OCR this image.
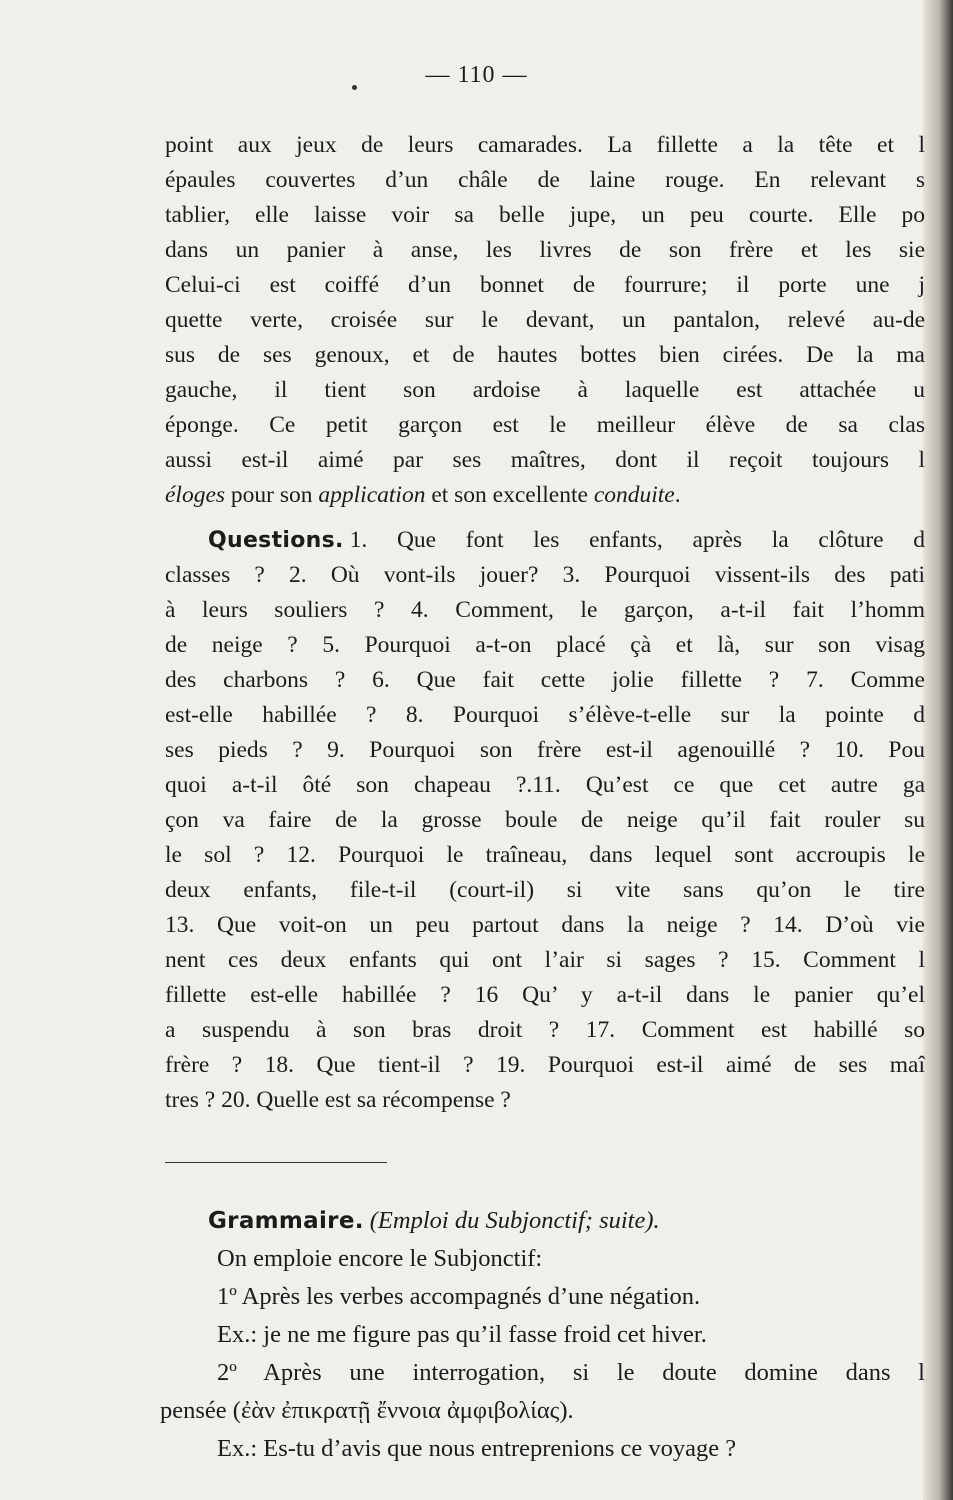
— 110 —
point aux jeux de leurs camarades. La fillette a la tête et l
épaules couvertes d’un châle de laine rouge. En relevant s
tablier, elle laisse voir sa belle jupe, un peu courte. Elle po
dans un panier à anse, les livres de son frère et les sie
Celui-ci est coiffé d’un bonnet de fourrure; il porte une j
quette verte, croisée sur le devant, un pantalon, relevé au-de
sus de ses genoux, et de hautes bottes bien cirées. De la ma
gauche, il tient son ardoise à laquelle est attachée u
éponge. Ce petit garçon est le meilleur élève de sa clas
aussi est-il aimé par ses maîtres, dont il reçoit toujours l
éloges pour son application et son excellente conduite.
Questions. 1. Que font les enfants, après la clôture d
classes ? 2. Où vont-ils jouer? 3. Pourquoi vissent-ils des pati
à leurs souliers ? 4. Comment, le garçon, a-t-il fait l’homm
de neige ? 5. Pourquoi a-t-on placé çà et là, sur son visag
des charbons ? 6. Que fait cette jolie fillette ? 7. Comme
est-elle habillée ? 8. Pourquoi s’élève-t-elle sur la pointe d
ses pieds ? 9. Pourquoi son frère est-il agenouillé ? 10. Pou
quoi a-t-il ôté son chapeau ?.11. Qu’est ce que cet autre ga
çon va faire de la grosse boule de neige qu’il fait rouler su
le sol ? 12. Pourquoi le traîneau, dans lequel sont accroupis le
deux enfants, file-t-il (court-il) si vite sans qu’on le tire
13. Que voit-on un peu partout dans la neige ? 14. D’où vie
nent ces deux enfants qui ont l’air si sages ? 15. Comment l
fillette est-elle habillée ? 16 Qu’ y a-t-il dans le panier qu’el
a suspendu à son bras droit ? 17. Comment est habillé so
frère ? 18. Que tient-il ? 19. Pourquoi est-il aimé de ses maî
tres ? 20. Quelle est sa récompense ?
Grammaire. (Emploi du Subjonctif; suite).
On emploie encore le Subjonctif:
1º Après les verbes accompagnés d’une négation.
Ex.: je ne me figure pas qu’il fasse froid cet hiver.
2º Après une interrogation, si le doute domine dans l
pensée (ἐὰν ἐπικρατῇ ἔννοια ἀμφιβολίας).
Ex.: Es-tu d’avis que nous entreprenions ce voyage ?
